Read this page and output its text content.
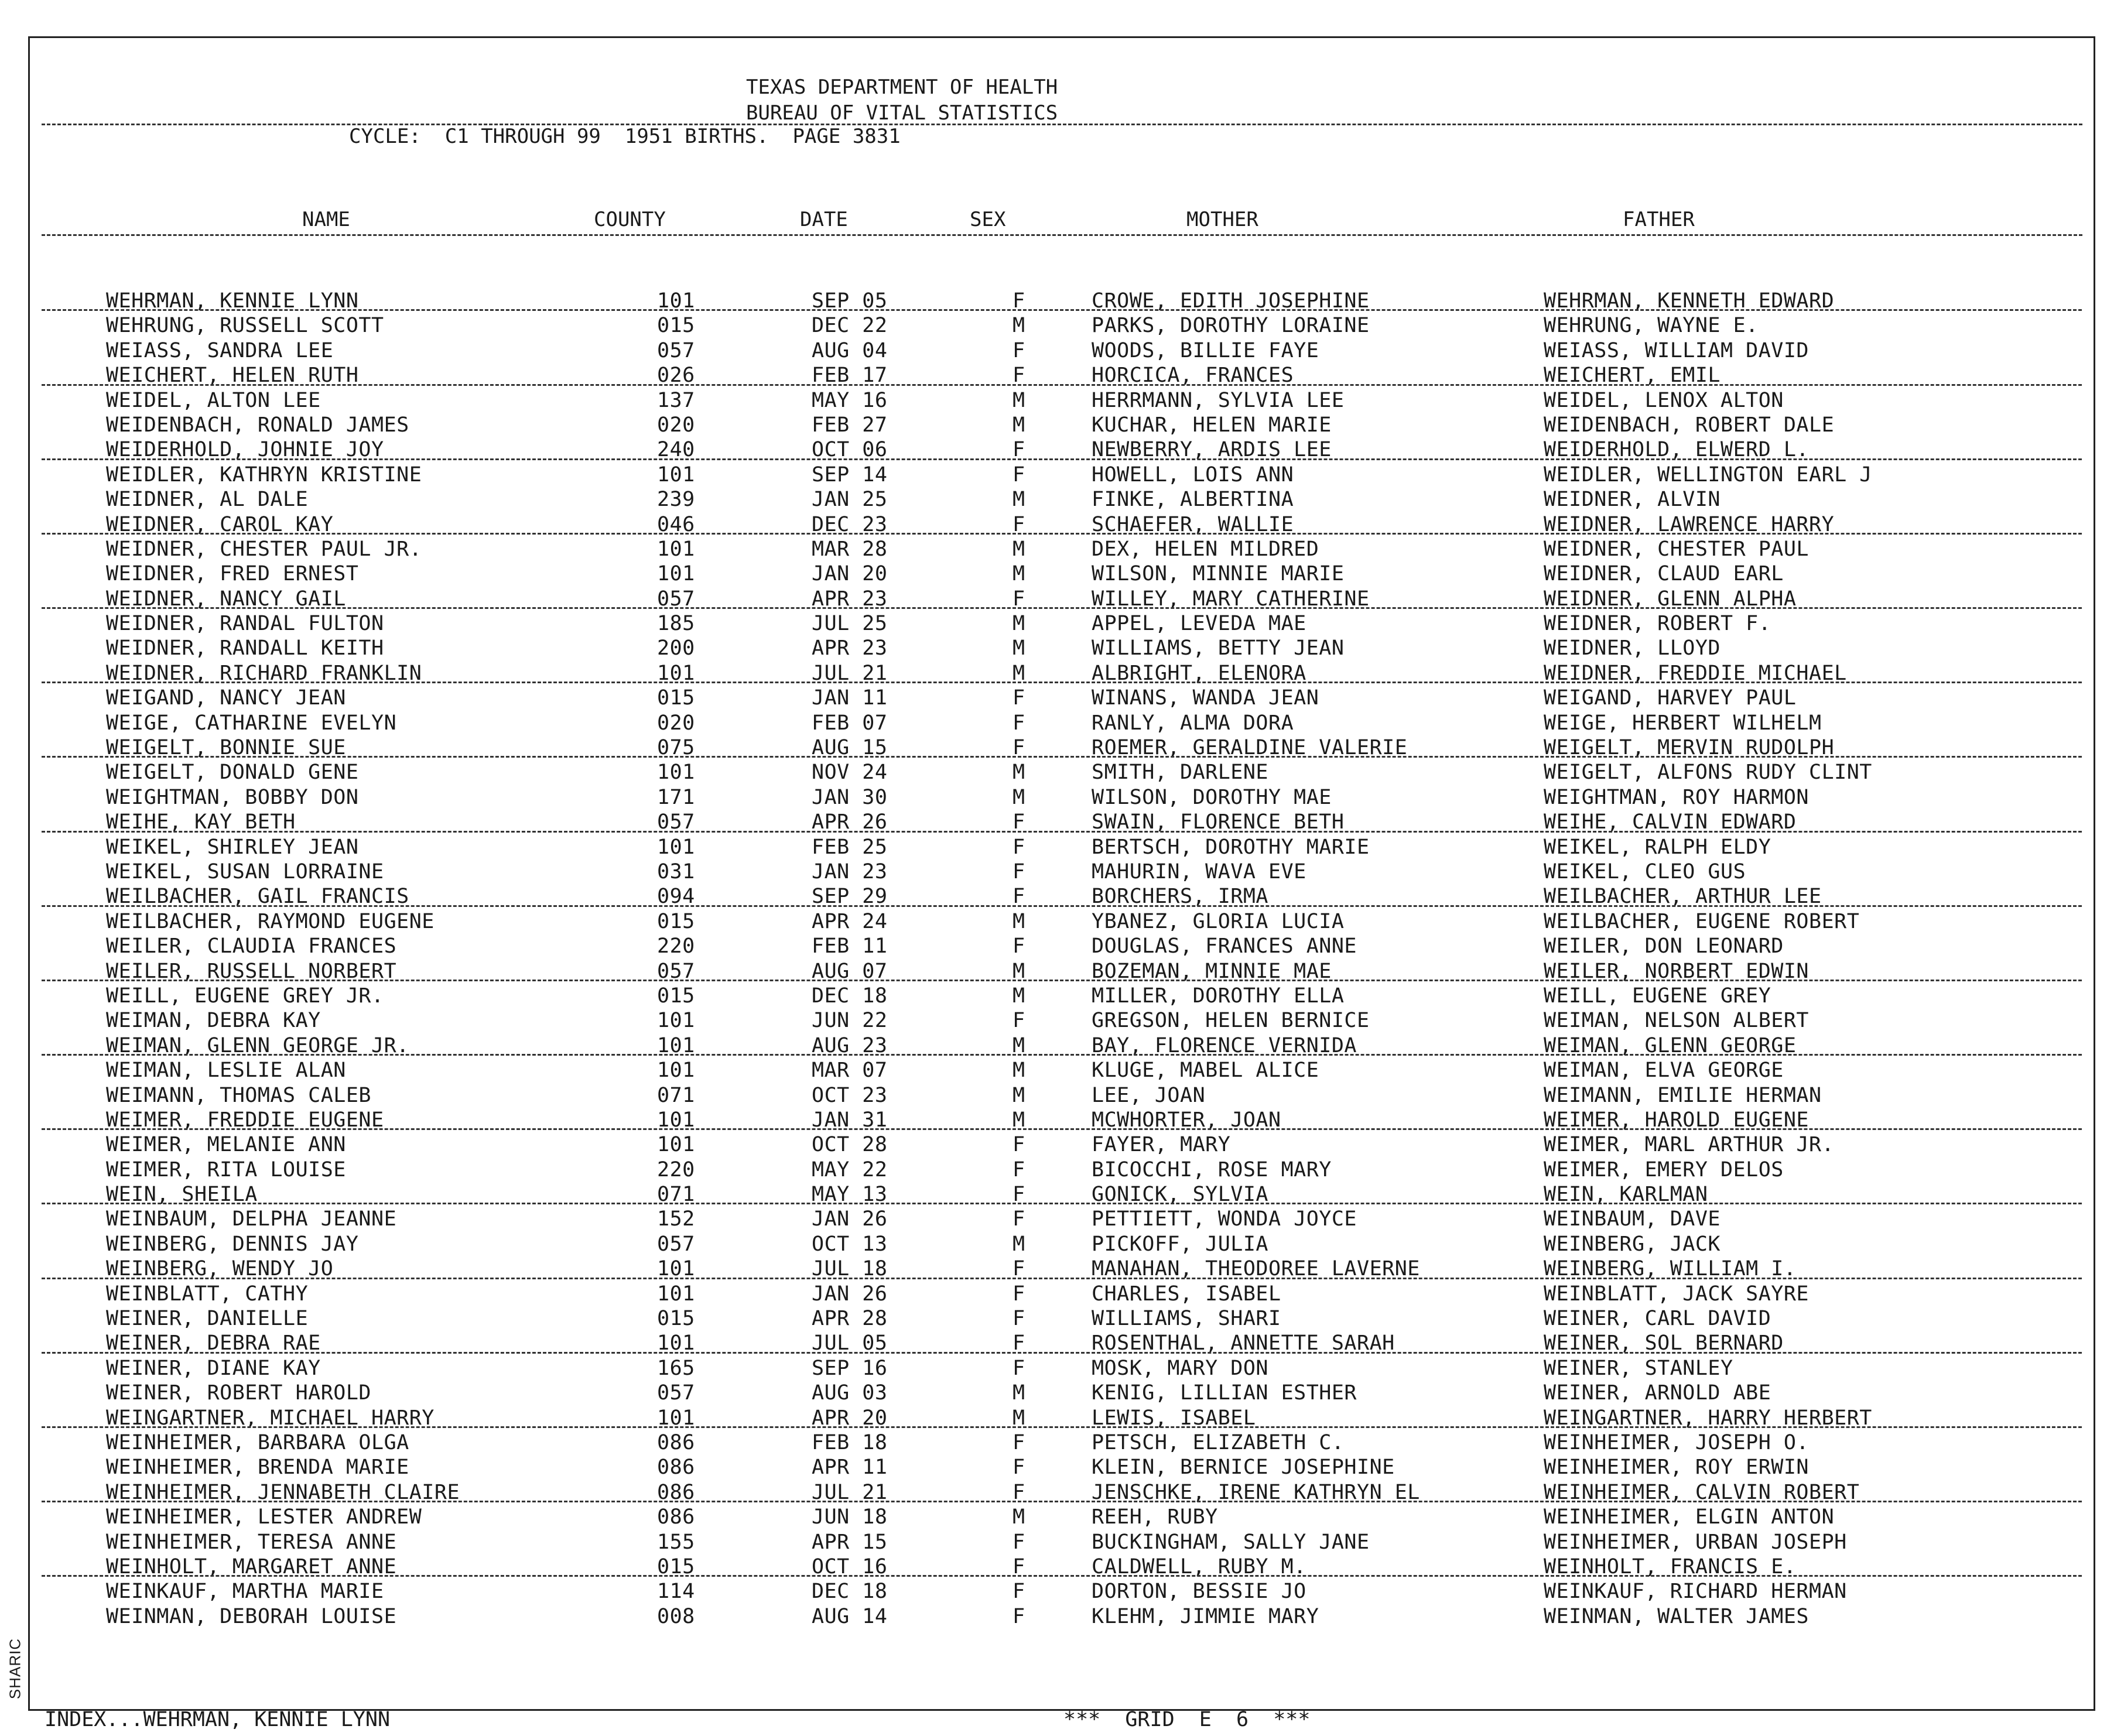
TEXAS DEPARTMENT OF HEALTH
BUREAU OF VITAL STATISTICS
CYCLE: C1 THROUGH 99 1951 BIRTHS. PAGE 3831
NAME	COUNTY	DATE	SEX	MOTHER	FATHER
WEHRMAN, KENNIE LYNN	101	SEP 05	F	CROWE, EDITH JOSEPHINE	WEHRMAN, KENNETH EDWARD
WEHRUNG, RUSSELL SCOTT	015	DEC 22	M	PARKS, DOROTHY LORAINE	WEHRUNG, WAYNE E.
WEIASS, SANDRA LEE	057	AUG 04	F	WOODS, BILLIE FAYE	WEIASS, WILLIAM DAVID
WEICHERT, HELEN RUTH	026	FEB 17	F	HORCICA, FRANCES	WEICHERT, EMIL
WEIDEL, ALTON LEE	137	MAY 16	M	HERRMANN, SYLVIA LEE	WEIDEL, LENOX ALTON
WEIDENBACH, RONALD JAMES	020	FEB 27	M	KUCHAR, HELEN MARIE	WEIDENBACH, ROBERT DALE
WEIDERHOLD, JOHNIE JOY	240	OCT 06	F	NEWBERRY, ARDIS LEE	WEIDERHOLD, ELWERD L.
WEIDLER, KATHRYN KRISTINE	101	SEP 14	F	HOWELL, LOIS ANN	WEIDLER, WELLINGTON EARL J
WEIDNER, AL DALE	239	JAN 25	M	FINKE, ALBERTINA	WEIDNER, ALVIN
WEIDNER, CAROL KAY	046	DEC 23	F	SCHAEFER, WALLIE	WEIDNER, LAWRENCE HARRY
WEIDNER, CHESTER PAUL JR.	101	MAR 28	M	DEX, HELEN MILDRED	WEIDNER, CHESTER PAUL
WEIDNER, FRED ERNEST	101	JAN 20	M	WILSON, MINNIE MARIE	WEIDNER, CLAUD EARL
WEIDNER, NANCY GAIL	057	APR 23	F	WILLEY, MARY CATHERINE	WEIDNER, GLENN ALPHA
WEIDNER, RANDAL FULTON	185	JUL 25	M	APPEL, LEVEDA MAE	WEIDNER, ROBERT F.
WEIDNER, RANDALL KEITH	200	APR 23	M	WILLIAMS, BETTY JEAN	WEIDNER, LLOYD
WEIDNER, RICHARD FRANKLIN	101	JUL 21	M	ALBRIGHT, ELENORA	WEIDNER, FREDDIE MICHAEL
WEIGAND, NANCY JEAN	015	JAN 11	F	WINANS, WANDA JEAN	WEIGAND, HARVEY PAUL
WEIGE, CATHARINE EVELYN	020	FEB 07	F	RANLY, ALMA DORA	WEIGE, HERBERT WILHELM
WEIGELT, BONNIE SUE	075	AUG 15	F	ROEMER, GERALDINE VALERIE	WEIGELT, MERVIN RUDOLPH
WEIGELT, DONALD GENE	101	NOV 24	M	SMITH, DARLENE	WEIGELT, ALFONS RUDY CLINT
WEIGHTMAN, BOBBY DON	171	JAN 30	M	WILSON, DOROTHY MAE	WEIGHTMAN, ROY HARMON
WEIHE, KAY BETH	057	APR 26	F	SWAIN, FLORENCE BETH	WEIHE, CALVIN EDWARD
WEIKEL, SHIRLEY JEAN	101	FEB 25	F	BERTSCH, DOROTHY MARIE	WEIKEL, RALPH ELDY
WEIKEL, SUSAN LORRAINE	031	JAN 23	F	MAHURIN, WAVA EVE	WEIKEL, CLEO GUS
WEILBACHER, GAIL FRANCIS	094	SEP 29	F	BORCHERS, IRMA	WEILBACHER, ARTHUR LEE
WEILBACHER, RAYMOND EUGENE	015	APR 24	M	YBANEZ, GLORIA LUCIA	WEILBACHER, EUGENE ROBERT
WEILER, CLAUDIA FRANCES	220	FEB 11	F	DOUGLAS, FRANCES ANNE	WEILER, DON LEONARD
WEILER, RUSSELL NORBERT	057	AUG 07	M	BOZEMAN, MINNIE MAE	WEILER, NORBERT EDWIN
WEILL, EUGENE GREY JR.	015	DEC 18	M	MILLER, DOROTHY ELLA	WEILL, EUGENE GREY
WEIMAN, DEBRA KAY	101	JUN 22	F	GREGSON, HELEN BERNICE	WEIMAN, NELSON ALBERT
WEIMAN, GLENN GEORGE JR.	101	AUG 23	M	BAY, FLORENCE VERNIDA	WEIMAN, GLENN GEORGE
WEIMAN, LESLIE ALAN	101	MAR 07	M	KLUGE, MABEL ALICE	WEIMAN, ELVA GEORGE
WEIMANN, THOMAS CALEB	071	OCT 23	M	LEE, JOAN	WEIMANN, EMILIE HERMAN
WEIMER, FREDDIE EUGENE	101	JAN 31	M	MCWHORTER, JOAN	WEIMER, HAROLD EUGENE
WEIMER, MELANIE ANN	101	OCT 28	F	FAYER, MARY	WEIMER, MARL ARTHUR JR.
WEIMER, RITA LOUISE	220	MAY 22	F	BICOCCHI, ROSE MARY	WEIMER, EMERY DELOS
WEIN, SHEILA	071	MAY 13	F	GONICK, SYLVIA	WEIN, KARLMAN
WEINBAUM, DELPHA JEANNE	152	JAN 26	F	PETTIETT, WONDA JOYCE	WEINBAUM, DAVE
WEINBERG, DENNIS JAY	057	OCT 13	M	PICKOFF, JULIA	WEINBERG, JACK
WEINBERG, WENDY JO	101	JUL 18	F	MANAHAN, THEODOREE LAVERNE	WEINBERG, WILLIAM I.
WEINBLATT, CATHY	101	JAN 26	F	CHARLES, ISABEL	WEINBLATT, JACK SAYRE
WEINER, DANIELLE	015	APR 28	F	WILLIAMS, SHARI	WEINER, CARL DAVID
WEINER, DEBRA RAE	101	JUL 05	F	ROSENTHAL, ANNETTE SARAH	WEINER, SOL BERNARD
WEINER, DIANE KAY	165	SEP 16	F	MOSK, MARY DON	WEINER, STANLEY
WEINER, ROBERT HAROLD	057	AUG 03	M	KENIG, LILLIAN ESTHER	WEINER, ARNOLD ABE
WEINGARTNER, MICHAEL HARRY	101	APR 20	M	LEWIS, ISABEL	WEINGARTNER, HARRY HERBERT
WEINHEIMER, BARBARA OLGA	086	FEB 18	F	PETSCH, ELIZABETH C.	WEINHEIMER, JOSEPH O.
WEINHEIMER, BRENDA MARIE	086	APR 11	F	KLEIN, BERNICE JOSEPHINE	WEINHEIMER, ROY ERWIN
WEINHEIMER, JENNABETH CLAIRE	086	JUL 21	F	JENSCHKE, IRENE KATHRYN EL	WEINHEIMER, CALVIN ROBERT
WEINHEIMER, LESTER ANDREW	086	JUN 18	M	REEH, RUBY	WEINHEIMER, ELGIN ANTON
WEINHEIMER, TERESA ANNE	155	APR 15	F	BUCKINGHAM, SALLY JANE	WEINHEIMER, URBAN JOSEPH
WEINHOLT, MARGARET ANNE	015	OCT 16	F	CALDWELL, RUBY M.	WEINHOLT, FRANCIS E.
WEINKAUF, MARTHA MARIE	114	DEC 18	F	DORTON, BESSIE JO	WEINKAUF, RICHARD HERMAN
WEINMAN, DEBORAH LOUISE	008	AUG 14	F	KLEHM, JIMMIE MARY	WEINMAN, WALTER JAMES
INDEX...WEHRMAN, KENNIE LYNN	***  GRID  E  6  ***
SHARIC
